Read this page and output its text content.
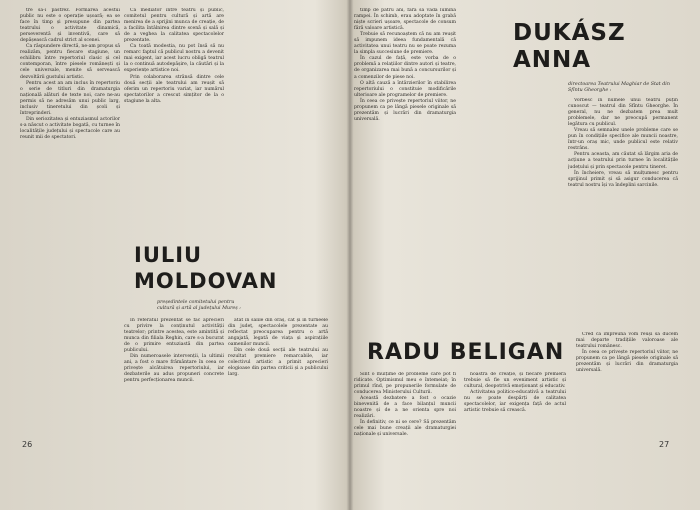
tre să-i păstrez. Formarea acestui public nu este o operație ușoară; ea se face în timp și presupune din partea teatrului o activitate dinamică, perseverentă și inventivă, care să depășească cadrul strict al scenei.

Ca răspundere directă, ne-am propus să realizăm, pentru fiecare stagiune, un echilibru între repertoriul clasic și cel contemporan, între piesele românești și cele universale, menite să servească dezvoltării gustului artistic.

Pentru acest an am inclus în repertoriu o serie de titluri din dramaturgia națională alături de texte noi, care ne-au permis să ne adresăm unui public larg, inclusiv tineretului din școli și întreprinderi.

Din seriozitatea și entuziasmul actorilor s-a născut o activitate bogată, cu turnee în localitățile județului și spectacole care au reunit mii de spectatori.

Ca mediator între teatru și public, comitetul pentru cultură și artă are menirea de a sprijini munca de creație, de a facilita întâlnirea dintre scenă și sală și de a veghea la calitatea spectacolelor prezentate.

Ca toată modestia, nu pot însă să nu remarc faptul că publicul nostru a devenit mai exigent, iar acest lucru obligă teatrul la o continuă autodepășire, la căutări și la experiențe artistice noi.

Prin colaborarea strânsă dintre cele două secții ale teatrului am reușit să oferim un repertoriu variat, iar numărul spectatorilor a crescut simțitor de la o stagiune la alta.

IULIU
MOLDOVAN
președintele comitetului pentru cultură și artă al județului Mureș :

În referatul prezentat se fac aprecieri cu privire la conținutul activității teatrelor; printre acestea, este amintită și munca din filiala Reghin, care s-a bucurat de o primire entuziastă din partea publicului.

Din numeroasele intervenții, la ultimii ani, a fost o mare frământare în ceea ce privește alcătuirea repertoriului, iar dezbaterile au adus propuneri concrete pentru perfecționarea muncii.

atât în sălile din oraș, cât și în turneele din județ, spectacolele prezentate au reflectat preocuparea pentru o artă angajată, legată de viața și aspirațiile oamenilor muncii.

Din cele două secții ale teatrului au rezultat premiere remarcabile, iar colectivul artistic a primit aprecieri elogioase din partea criticii și a publicului larg.

26

timp de patru ani, fără să vadă lumina rampei. În schimb, erau adoptate în grabă niște scrieri ușoare, spectacole de consum fără valoare artistică.

Trebuie să recunoaștem că nu am reușit să impunem ideea fundamentală că activitatea unui teatru nu se poate rezuma la simpla succesiune de premiere.

În cazul de față, este vorba de o problemă a relațiilor dintre autori și teatre, de organizarea mai bună a concursurilor și a comenzilor de piese noi.

O altă cauză a întârzierilor în stabilirea repertoriului o constituie modificările ulterioare ale programelor de premiere.

În ceea ce privește repertoriul viitor, ne propunem ca pe lângă piesele originale să prezentăm și lucrări din dramaturgia universală.

DUKÁSZ
ANNA
directoarea Teatrului Maghiar de Stat din Sfîntu Gheorghe :

Vorbesc în numele unui teatru puțin cunoscut — teatrul din Sfîntu Gheorghe. În general, nu ne dezbatem prea mult problemele, dar ne preocupă permanent legătura cu publicul.

Vreau să semnalez unele probleme care se pun în condițiile specifice ale muncii noastre, într-un oraș mic, unde publicul este relativ restrâns.

Pentru aceasta, am căutat să lărgim aria de acțiune a teatrului prin turnee în localitățile județului și prin spectacole pentru tineret.

În încheiere, vreau să mulțumesc pentru sprijinul primit și să asigur conducerea că teatrul nostru își va îndeplini sarcinile.

RADU BELIGAN

Sînt o mulțime de probleme care pot fi ridicate. Optimismul meu e întemeiat; în primul rînd, pe propunerile formulate de conducerea Ministerului Culturii.

Această dezbatere a fost o ocazie binevenită de a face bilanțul muncii noastre și de a ne orienta spre noi realizări.

În definitiv, ce ni se cere? Să prezentăm cele mai bune creații ale dramaturgiei naționale și universale.

noastră de creație, și fiecare premieră trebuie să fie un eveniment artistic și cultural, deopotrivă emoționant și educativ.

Activitatea politico-educativă a teatrului nu se poate despărți de calitatea spectacolelor, iar exigența față de actul artistic trebuie să crească.

Cred că împreună vom reuși să ducem mai departe tradițiile valoroase ale teatrului românesc.

În ceea ce privește repertoriul viitor, ne propunem ca pe lângă piesele originale să prezentăm și lucrări din dramaturgia universală.

27
